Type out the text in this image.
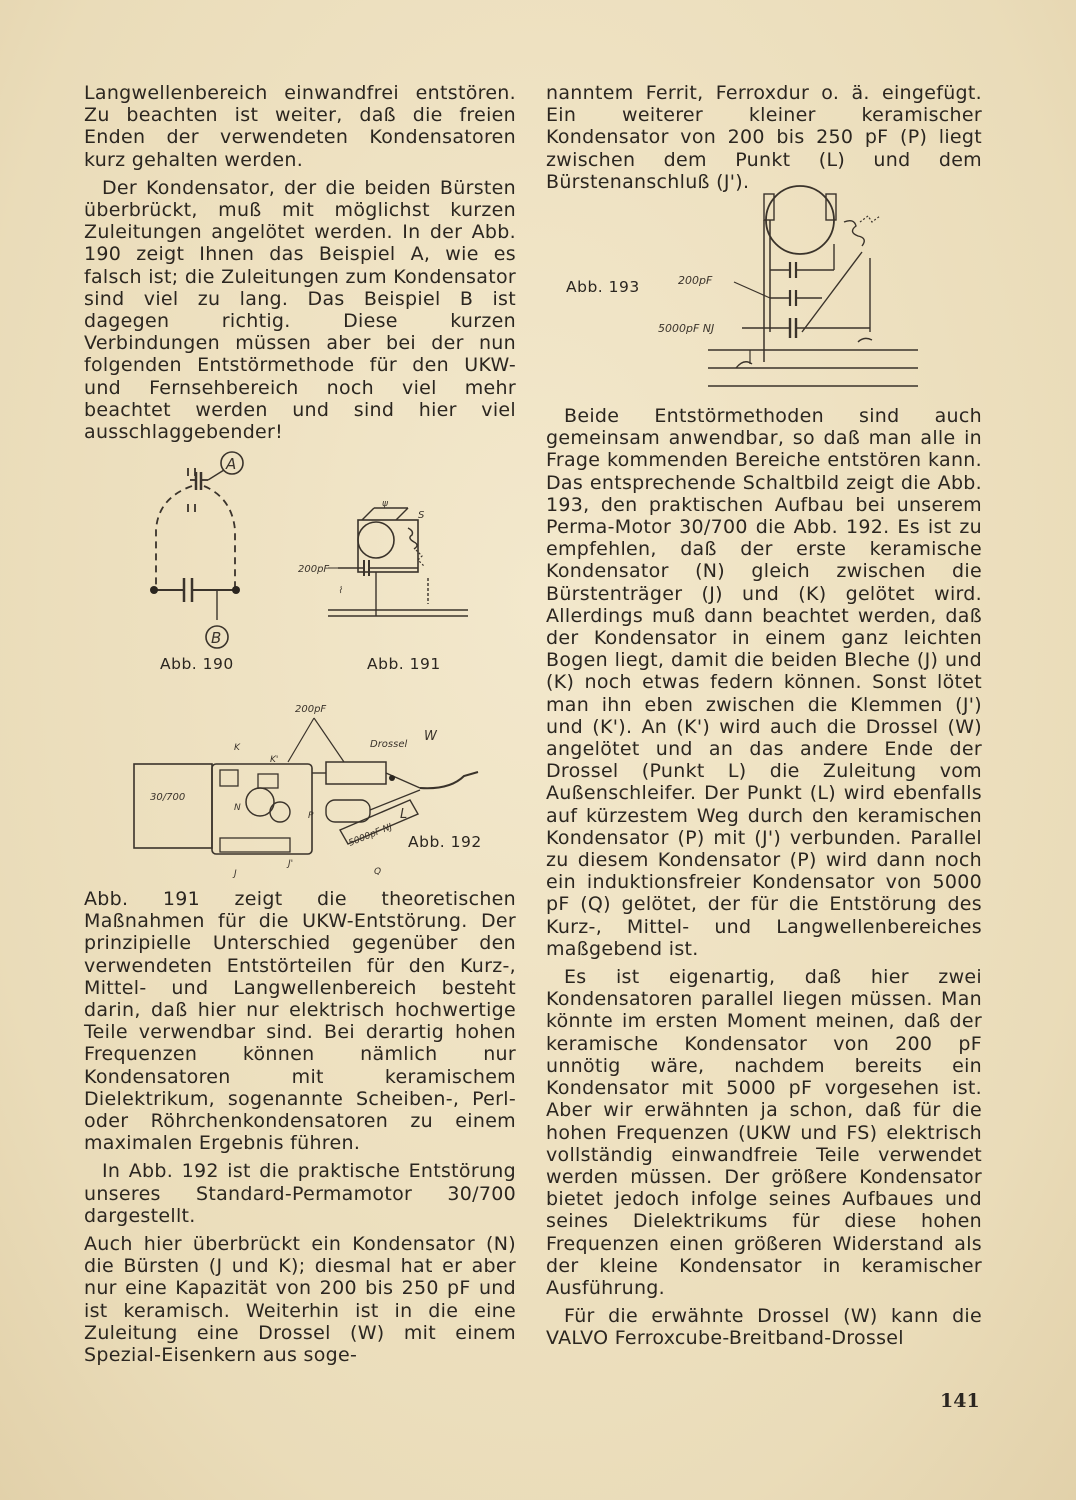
Langwellenbereich einwandfrei entstören. Zu beachten ist weiter, daß die freien Enden der verwendeten Kondensatoren kurz gehalten werden.

Der Kondensator, der die beiden Bürsten überbrückt, muß mit möglichst kurzen Zuleitungen angelötet werden. In der Abb. 190 zeigt Ihnen das Beispiel A, wie es falsch ist; die Zuleitungen zum Kondensator sind viel zu lang. Das Beispiel B ist dagegen richtig. Diese kurzen Verbindungen müssen aber bei der nun folgenden Entstörmethode für den UKW- und Fernsehbereich noch viel mehr beachtet werden und sind hier viel ausschlaggebender!

A
B
Abb. 190
ψ
S
200pF
⌇
Abb. 191
200pF
Drossel
W
K
K'
30/700
N
P
5000pF NJ
L
J'
J	Q
Abb. 192

Abb. 191 zeigt die theoretischen Maßnahmen für die UKW-Entstörung. Der prinzipielle Unterschied gegenüber den verwendeten Entstörteilen für den Kurz-, Mittel- und Langwellenbereich besteht darin, daß hier nur elektrisch hochwertige Teile verwendbar sind. Bei derartig hohen Frequenzen können nämlich nur Kondensatoren mit keramischem Dielektrikum, sogenannte Scheiben-, Perl- oder Röhrchenkondensatoren zu einem maximalen Ergebnis führen.

In Abb. 192 ist die praktische Entstörung unseres Standard-Permamotor 30/700 dargestellt.

Auch hier überbrückt ein Kondensator (N) die Bürsten (J und K); diesmal hat er aber nur eine Kapazität von 200 bis 250 pF und ist keramisch. Weiterhin ist in die eine Zuleitung eine Drossel (W) mit einem Spezial-Eisenkern aus soge-

nanntem Ferrit, Ferroxdur o. ä. eingefügt. Ein weiterer kleiner keramischer Kondensator von 200 bis 250 pF (P) liegt zwischen dem Punkt (L) und dem Bürstenanschluß (J').

Abb. 193	200pF
5000pF NJ

Beide Entstörmethoden sind auch gemeinsam anwendbar, so daß man alle in Frage kommenden Bereiche entstören kann. Das entsprechende Schaltbild zeigt die Abb. 193, den praktischen Aufbau bei unserem Perma-Motor 30/700 die Abb. 192. Es ist zu empfehlen, daß der erste keramische Kondensator (N) gleich zwischen die Bürstenträger (J) und (K) gelötet wird. Allerdings muß dann beachtet werden, daß der Kondensator in einem ganz leichten Bogen liegt, damit die beiden Bleche (J) und (K) noch etwas federn können. Sonst lötet man ihn eben zwischen die Klemmen (J') und (K'). An (K') wird auch die Drossel (W) angelötet und an das andere Ende der Drossel (Punkt L) die Zuleitung vom Außenschleifer. Der Punkt (L) wird ebenfalls auf kürzestem Weg durch den keramischen Kondensator (P) mit (J') verbunden. Parallel zu diesem Kondensator (P) wird dann noch ein induktionsfreier Kondensator von 5000 pF (Q) gelötet, der für die Entstörung des Kurz-, Mittel- und Langwellenbereiches maßgebend ist.

Es ist eigenartig, daß hier zwei Kondensatoren parallel liegen müssen. Man könnte im ersten Moment meinen, daß der keramische Kondensator von 200 pF unnötig wäre, nachdem bereits ein Kondensator mit 5000 pF vorgesehen ist. Aber wir erwähnten ja schon, daß für die hohen Frequenzen (UKW und FS) elektrisch vollständig einwandfreie Teile verwendet werden müssen. Der größere Kondensator bietet jedoch infolge seines Aufbaues und seines Dielektrikums für diese hohen Frequenzen einen größeren Widerstand als der kleine Kondensator in keramischer Ausführung.

Für die erwähnte Drossel (W) kann die VALVO Ferroxcube-Breitband-Drossel

141
